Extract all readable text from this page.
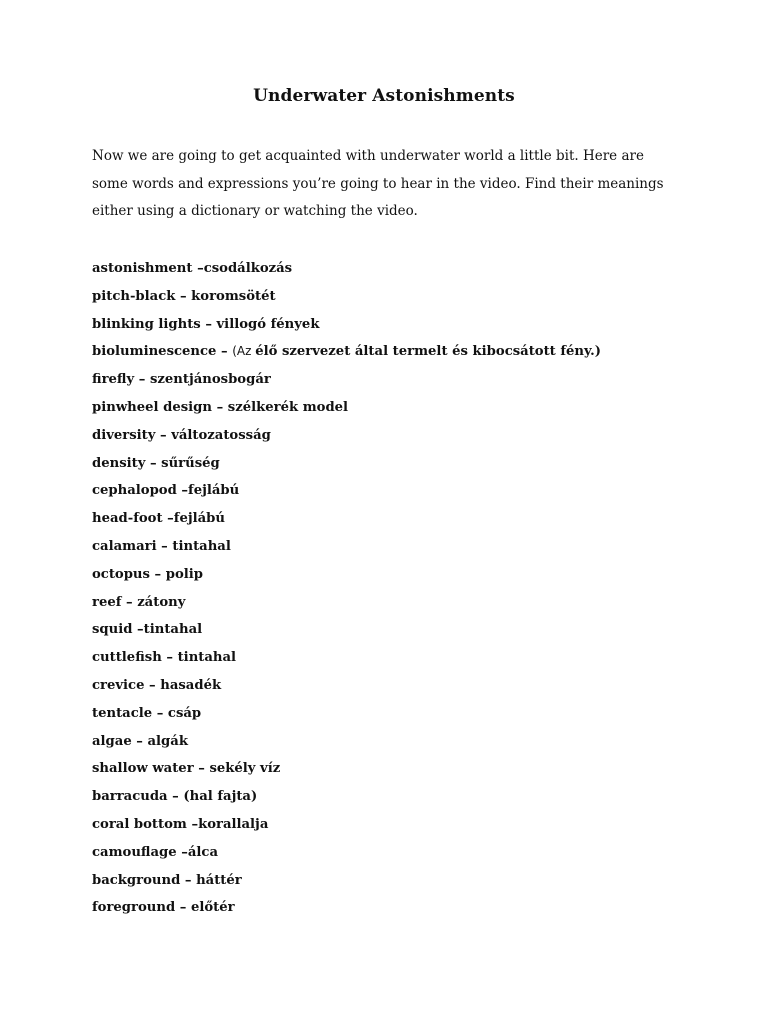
Underwater Astonishments

Now we are going to get acquainted with underwater world a little bit. Here are some words and expressions you’re going to hear in the video. Find their meanings either using a dictionary or watching the video.

astonishment –csodálkozás
pitch-black – koromsötét
blinking lights – villogó fények
bioluminescence – (Az élő szervezet által termelt és kibocsátott fény.)
firefly – szentjánosbogár
pinwheel design – szélkerék model
diversity – változatosság
density – sűrűség
cephalopod –fejlábú
head-foot –fejlábú
calamari – tintahal
octopus – polip
reef – zátony
squid –tintahal
cuttlefish – tintahal
crevice – hasadék
tentacle – csáp
algae – algák
shallow water – sekély víz
barracuda – (hal fajta)
coral bottom –korallalja
camouflage –álca
background – háttér
foreground – előtér
